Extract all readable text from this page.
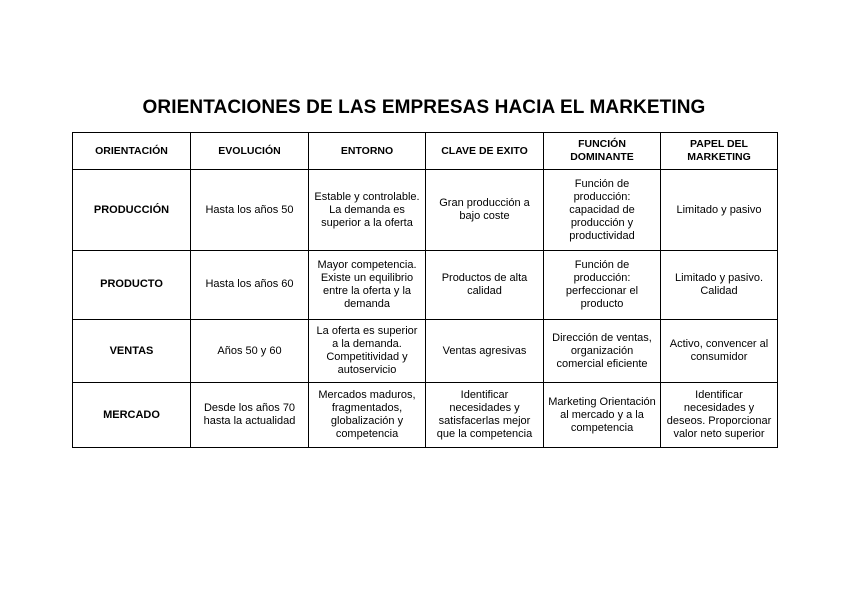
ORIENTACIONES DE LAS EMPRESAS HACIA EL MARKETING
ORIENTACIÓN	EVOLUCIÓN	ENTORNO	CLAVE DE EXITO	FUNCIÓN DOMINANTE	PAPEL DEL MARKETING
PRODUCCIÓN	Hasta los años 50	Estable y controlable. La demanda es superior a la oferta	Gran producción a bajo coste	Función de producción: capacidad de producción y productividad	Limitado y pasivo
PRODUCTO	Hasta los años 60	Mayor competencia. Existe un equilibrio entre la oferta y la demanda	Productos de alta calidad	Función de producción: perfeccionar el producto	Limitado y pasivo. Calidad
VENTAS	Años 50 y 60	La oferta es superior a la demanda. Competitividad y autoservicio	Ventas agresivas	Dirección de ventas, organización comercial eficiente	Activo, convencer al consumidor
MERCADO	Desde los años 70 hasta la actualidad	Mercados maduros, fragmentados, globalización y competencia	Identificar necesidades y satisfacerlas mejor que la competencia	Marketing Orientación al mercado y a la competencia	Identificar necesidades y deseos. Proporcionar valor neto superior
